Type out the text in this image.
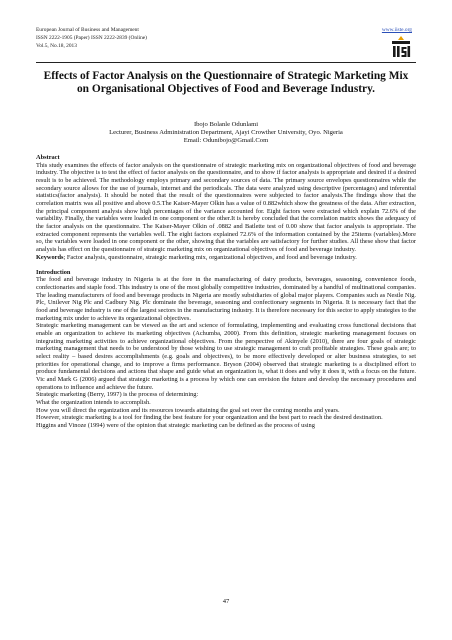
European Journal of Business and Management
ISSN 2222-1905 (Paper) ISSN 2222-2839 (Online)
Vol.5, No.18, 2013
www.iiste.org
Effects of Factor Analysis on the Questionnaire of Strategic Marketing Mix on Organisational Objectives of Food and Beverage Industry.
Ibojo Bolanle Odunlami
Lecturer, Business Administration Department, Ajayi Crowther University, Oyo. Nigeria
Email: Odunibojo@Gmail.Com

Abstract

This study examines the effects of factor analysis on the questionnaire of strategic marketing mix on organizational objectives of food and beverage industry. The objective is to test the effect of factor analysis on the questionnaire, and to show if factor analysis is appropriate and desired if a desired result is to be achieved. The methodology employs primary and secondary sources of data. The primary source envelopes questionnaires while the secondary source allows for the use of journals, internet and the periodicals. The data were analyzed using descriptive (percentages) and inferential statistics(factor analysis). It should be noted that the result of the questionnaires were subjected to factor analysis.The findings show that the correlation matrix was all positive and above 0.5.The Kaiser-Mayer Olkin has a value of 0.882which show the greatness of the data. After extraction, the principal component analysis show high percentages of the variance accounted for. Eight factors were extracted which explain 72.6% of the variability. Finally, the variables were loaded in one component or the other.It is hereby concluded that the correlation matrix shows the adequacy of the factor analysis on the questionnaire. The Kaiser-Mayer Olkin of .0882 and Batlette test of 0.00 show that factor analysis is appropriate. The extracted component represents the variables well. The eight factors explained 72.6% of the information contained by the 25items (variables).More so, the variables were loaded in one component or the other, showing that the variables are satisfactory for further studies. All these show that factor analysis has effect on the questionnaire of strategic marketing mix on organizational objectives of food and beverage industry.

Keywords; Factor analysis, questionnaire, strategic marketing mix, organizational objectives, and food and beverage industry.

Introduction

The food and beverage industry in Nigeria is at the fore in the manufacturing of dairy products, beverages, seasoning, convenience foods, confectionaries and staple food. This industry is one of the most globally competitive industries, dominated by a handful of multinational companies. The leading manufacturers of food and beverage products in Nigeria are mostly subsidiaries of global major players. Companies such as Nestle Nig. Plc, Unilever Nig Plc and Cadbury Nig. Plc dominate the beverage, seasoning and confectionary segments in Nigeria. It is necessary fact that the food and beverage industry is one of the largest sectors in the manufacturing industry. It is therefore necessary for this sector to apply strategies to the marketing mix under to achieve its organizational objectives.

Strategic marketing management can be viewed as the art and science of formulating, implementing and evaluating cross functional decisions that enable an organization to achieve its marketing objectives (Achumba, 2000). From this definition, strategic marketing management focuses on integrating marketing activities to achieve organizational objectives. From the perspective of Akinyele (2010), there are four goals of strategic marketing management that needs to be understood by those wishing to use strategic management to craft profitable strategies. These goals are; to select reality – based desires accomplishments (e.g. goals and objectives), to be more effectively developed or alter business strategies, to set priorities for operational change, and to improve a firms performance. Bryson (2004) observed that strategic marketing is a disciplined effort to produce fundamental decisions and actions that shape and guide what an organization is, what it does and why it does it, with a focus on the future. Vic and Mark G (2006) argued that strategic marketing is a process by which one can envision the future and develop the necessary procedures and operations to influence and achieve the future.

Strategic marketing (Berry, 1997) is the process of determining:

What the organization intends to accomplish.

How you will direct the organization and its resources towards attaining the goal set over the coming months and years.

However, strategic marketing is a tool for finding the best feature for your organization and the best part to reach the desired destination.

Higgins and Vinoze (1994) were of the opinion that strategic marketing can be defined as the process of using

47
